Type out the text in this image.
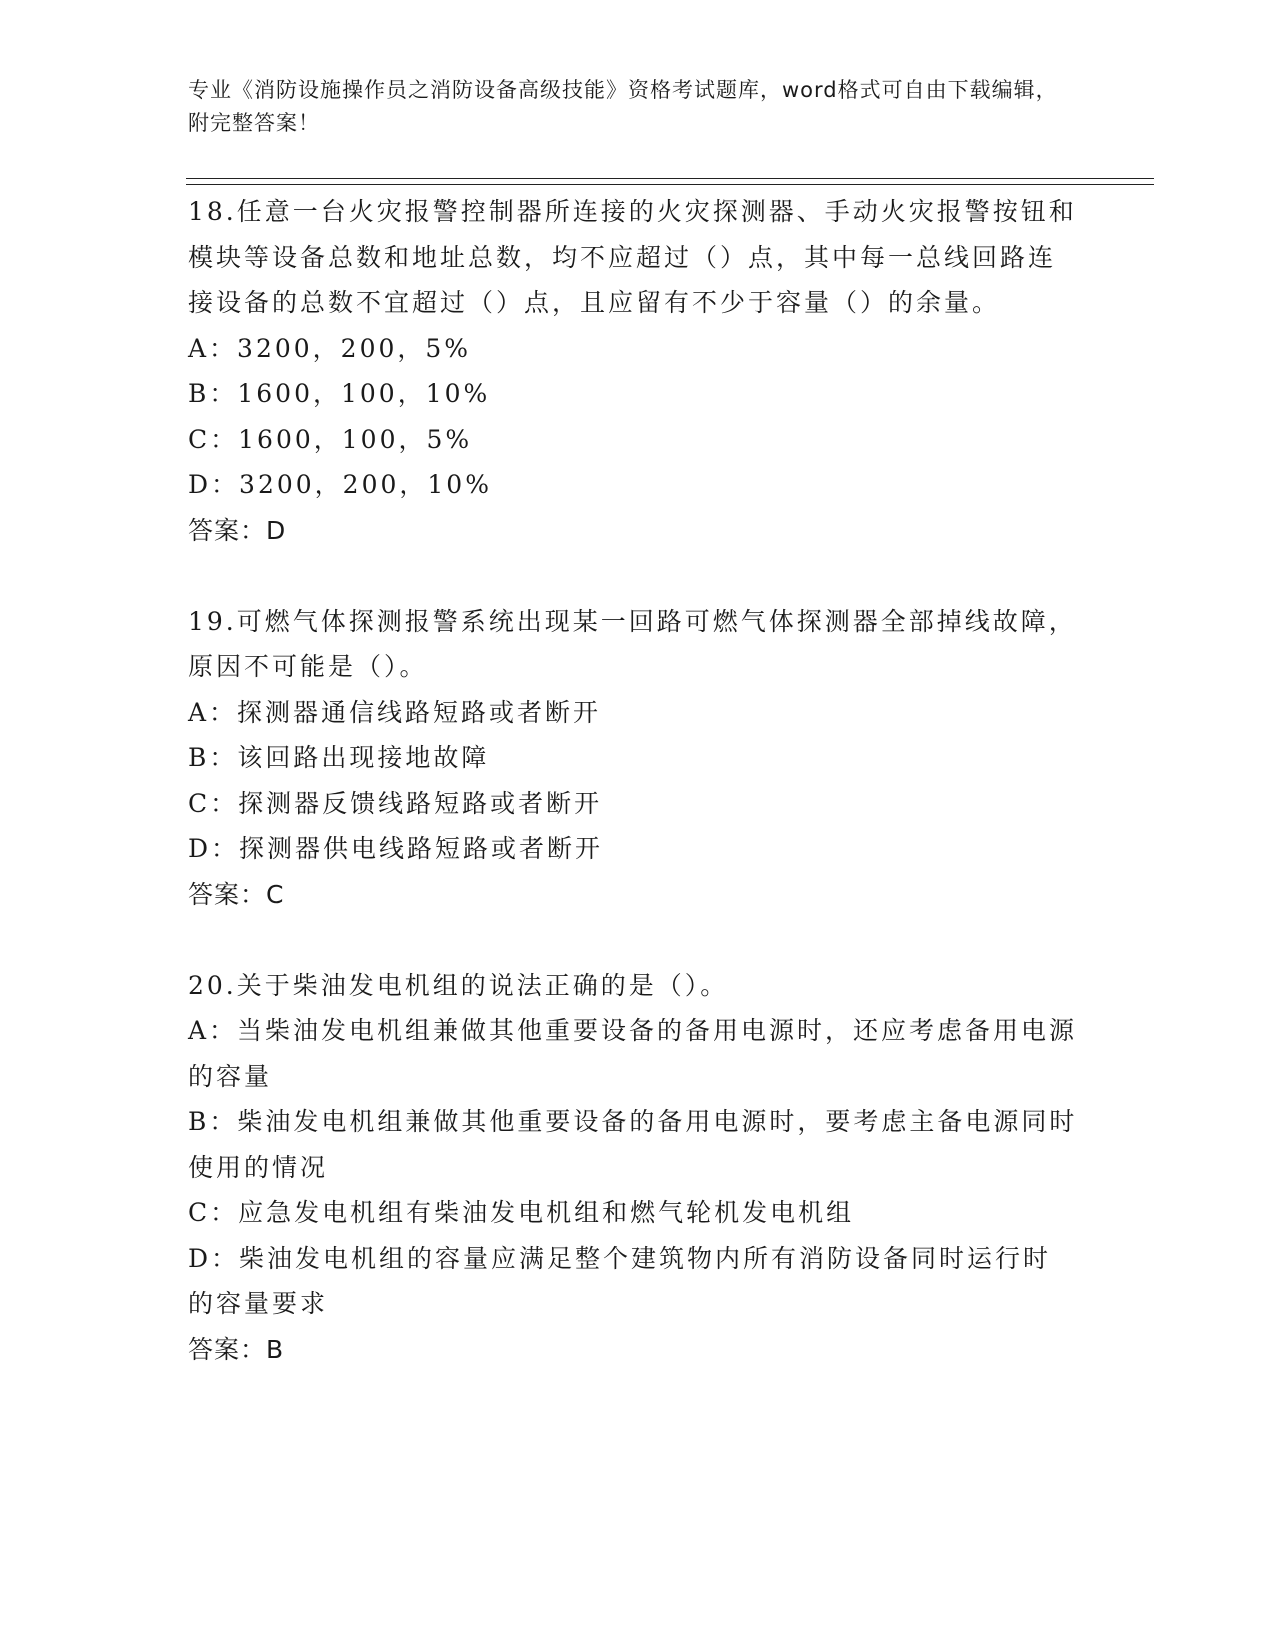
专业《消防设施操作员之消防设备高级技能》资格考试题库，word格式可自由下载编辑，附完整答案！

18.任意一台火灾报警控制器所连接的火灾探测器、手动火灾报警按钮和模块等设备总数和地址总数，均不应超过（）点，其中每一总线回路连接设备的总数不宜超过（）点，且应留有不少于容量（）的余量。

A：3200，200，5%

B：1600，100，10%

C：1600，100，5%

D：3200，200，10%

答案：D

19.可燃气体探测报警系统出现某一回路可燃气体探测器全部掉线故障，原因不可能是（）。

A：探测器通信线路短路或者断开

B：该回路出现接地故障

C：探测器反馈线路短路或者断开

D：探测器供电线路短路或者断开

答案：C

20.关于柴油发电机组的说法正确的是（）。

A：当柴油发电机组兼做其他重要设备的备用电源时，还应考虑备用电源的容量

B：柴油发电机组兼做其他重要设备的备用电源时，要考虑主备电源同时使用的情况

C：应急发电机组有柴油发电机组和燃气轮机发电机组

D：柴油发电机组的容量应满足整个建筑物内所有消防设备同时运行时的容量要求

答案：B
